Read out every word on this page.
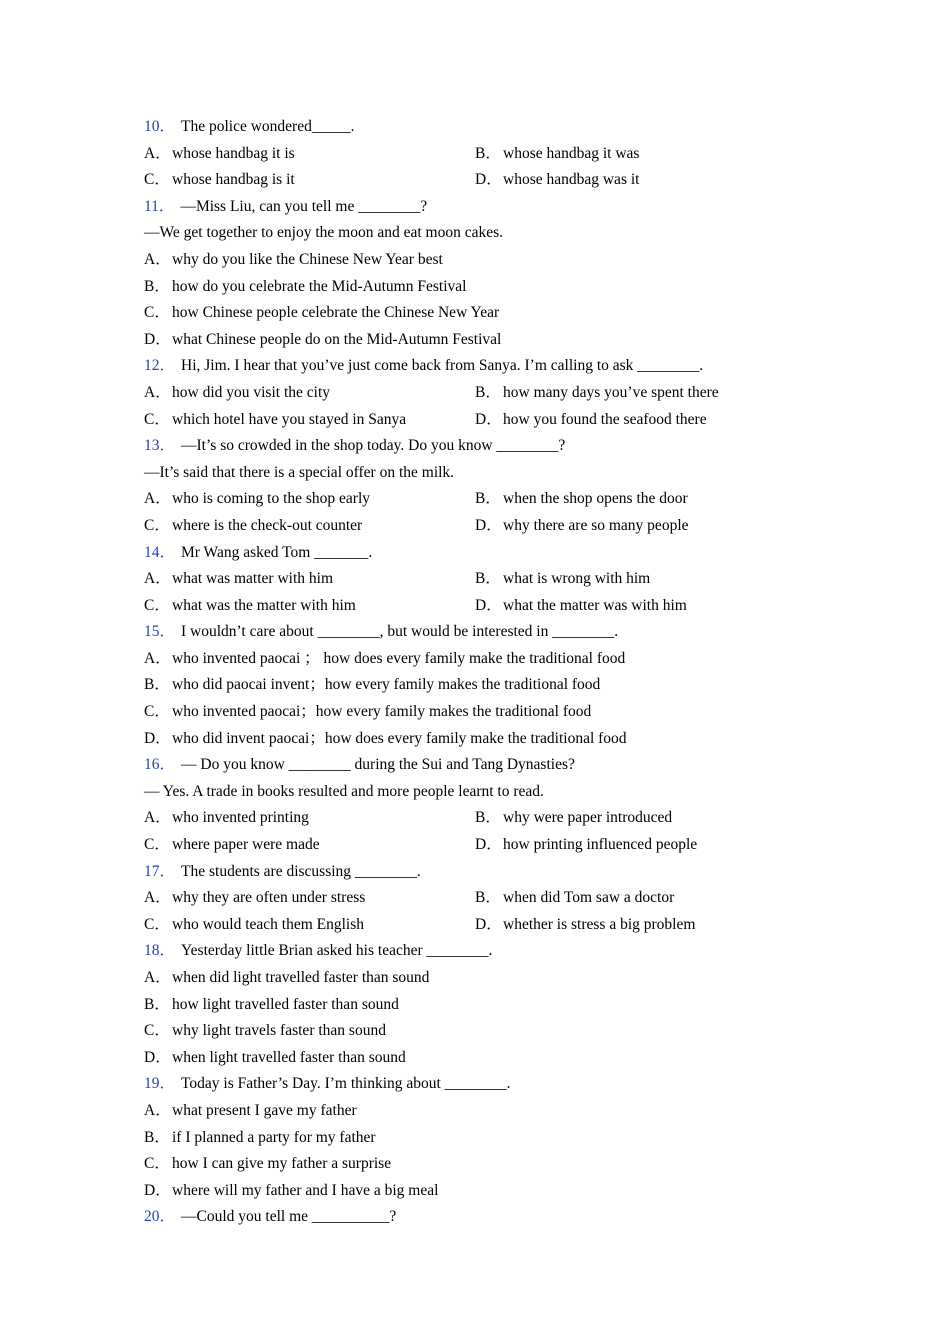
10． The police wondered_____.
A．whose handbag it is	B． whose handbag it was
C． whose handbag is it	D．whose handbag was it
11． —Miss Liu, can you tell me ________?
—We get together to enjoy the moon and eat moon cakes.
A．why do you like the Chinese New Year best
B． how do you celebrate the Mid-Autumn Festival
C． how Chinese people celebrate the Chinese New Year
D．what Chinese people do on the Mid-Autumn Festival
12． Hi, Jim. I hear that you’ve just come back from Sanya. I’m calling to ask ________.
A．how did you visit the city	B． how many days you’ve spent there
C． which hotel have you stayed in Sanya	D．how you found the seafood there
13． —It’s so crowded in the shop today. Do you know ________?
—It’s said that there is a special offer on the milk.
A．who is coming to the shop early	B． when the shop opens the door
C． where is the check-out counter	D．why there are so many people
14． Mr Wang asked Tom _______.
A．what was matter with him	B． what is wrong with him
C． what was the matter with him	D．what the matter was with him
15． I wouldn’t care about ________, but would be interested in ________.
A．who invented paocai ； how does every family make the traditional food
B． who did paocai invent；how every family makes the traditional food
C． who invented paocai；how every family makes the traditional food
D．who did invent paocai；how does every family make the traditional food
16． — Do you know ________ during the Sui and Tang Dynasties?
— Yes. A trade in books resulted and more people learnt to read.
A．who invented printing	B． why were paper introduced
C． where paper were made	D．how printing influenced people
17． The students are discussing ________.
A．why they are often under stress	B． when did Tom saw a doctor
C． who would teach them English	D．whether is stress a big problem
18． Yesterday little Brian asked his teacher ________.
A．when did light travelled faster than sound
B． how light travelled faster than sound
C． why light travels faster than sound
D．when light travelled faster than sound
19． Today is Father’s Day. I’m thinking about ________.
A．what present I gave my father
B． if I planned a party for my father
C． how I can give my father a surprise
D．where will my father and I have a big meal
20． —Could you tell me __________?
